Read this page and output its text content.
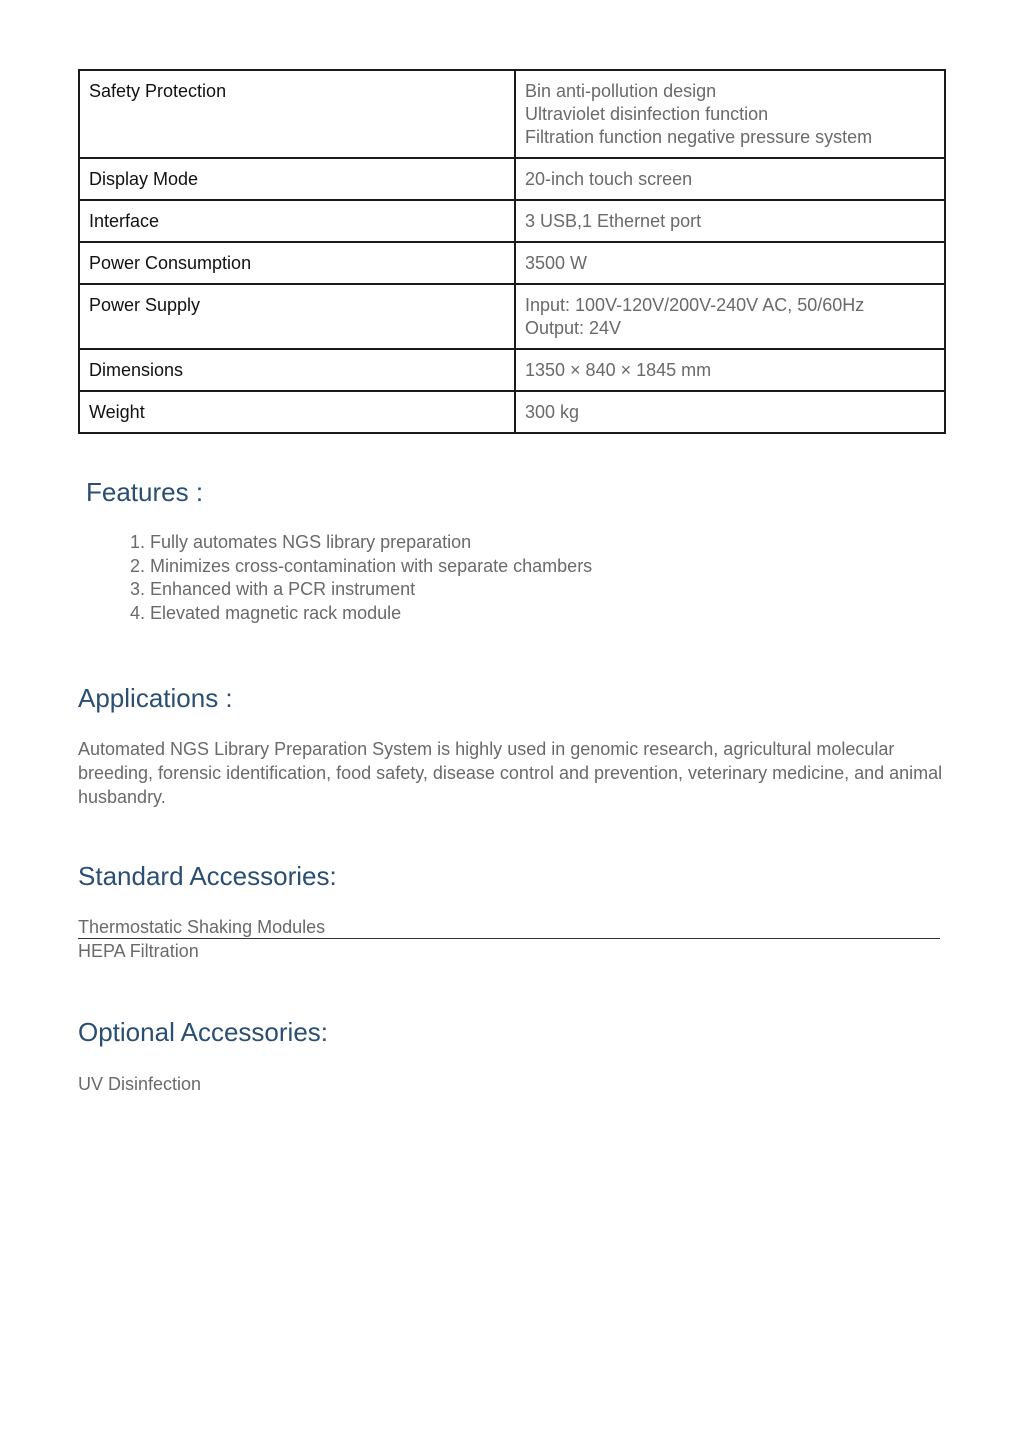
Safety Protection	Bin anti-pollution design
Ultraviolet disinfection function
Filtration function negative pressure system

Display Mode	20-inch touch screen

Interface	3 USB,1 Ethernet port

Power Consumption	3500 W

Power Supply	Input: 100V-120V/200V-240V AC, 50/60Hz
Output: 24V

Dimensions	1350 × 840 × 1845 mm

Weight	300 kg
Features :
1. Fully automates NGS library preparation
2. Minimizes cross-contamination with separate chambers
3. Enhanced with a PCR instrument
4. Elevated magnetic rack module
Applications :

Automated NGS Library Preparation System is highly used in genomic research, agricultural molecular breeding, forensic identification, food safety, disease control and prevention, veterinary medicine, and animal husbandry.

Standard Accessories:
Thermostatic Shaking Modules
HEPA Filtration
Optional Accessories:
UV Disinfection
